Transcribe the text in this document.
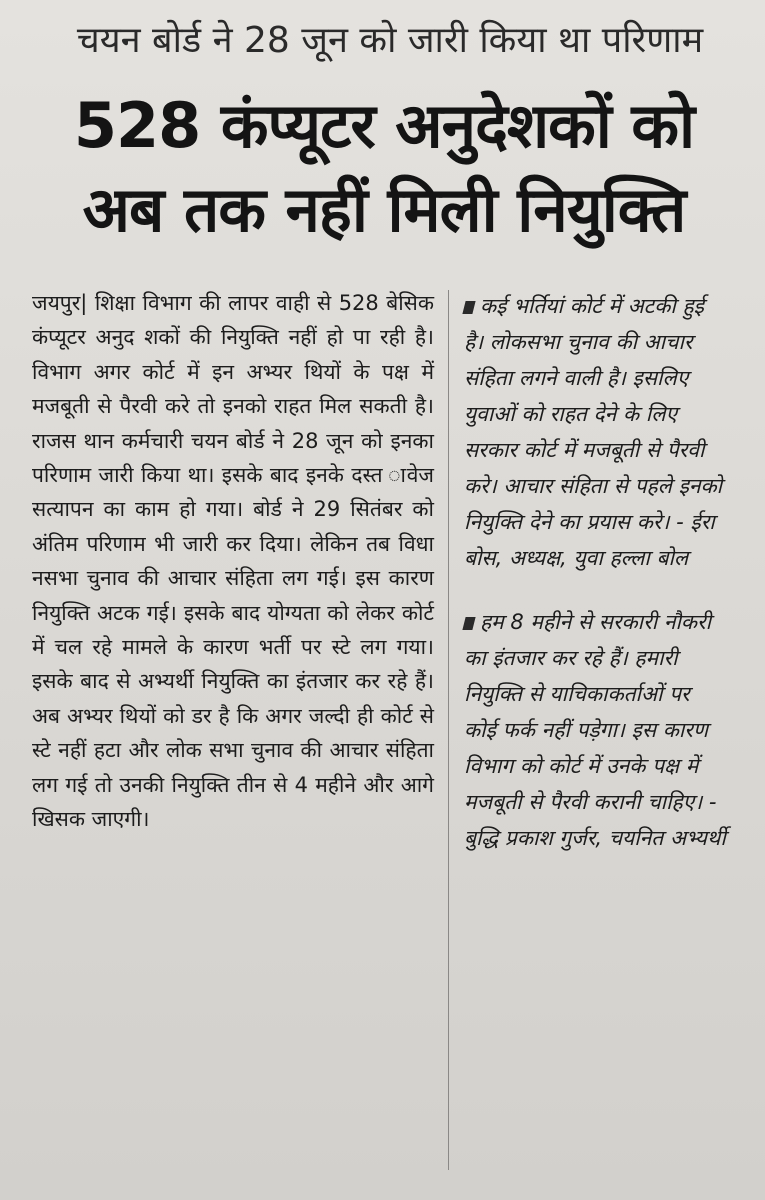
चयन बोर्ड ने 28 जून को जारी किया था परिणाम
528 कंप्यूटर अनुदेशकों को
अब तक नहीं मिली नियुक्ति

जयपुर| शिक्षा विभाग की लापर वाही से 528 बेसिक कंप्यूटर अनुद शकों की नियुक्ति नहीं हो पा रही है। विभाग अगर कोर्ट में इन अभ्यर थियों के पक्ष में मजबूती से पैरवी करे तो इनको राहत मिल सकती है। राजस थान कर्मचारी चयन बोर्ड ने 28 जून को इनका परिणाम जारी किया था। इसके बाद इनके दस्त ावेज सत्यापन का काम हो गया। बोर्ड ने 29 सितंबर को अंतिम परिणाम भी जारी कर दिया। लेकिन तब विधा नसभा चुनाव की आचार संहिता लग गई। इस कारण नियुक्ति अटक गई। इसके बाद योग्यता को लेकर कोर्ट में चल रहे मामले के कारण भर्ती पर स्टे लग गया। इसके बाद से अभ्यर्थी नियुक्ति का इंतजार कर रहे हैं। अब अभ्यर थियों को डर है कि अगर जल्दी ही कोर्ट से स्टे नहीं हटा और लोक सभा चुनाव की आचार संहिता लग गई तो उनकी नियुक्ति तीन से 4 महीने और आगे खिसक जाएगी।

कई भर्तियां कोर्ट में अटकी हुई है। लोकसभा चुनाव की आचार संहिता लगने वाली है। इसलिए युवाओं को राहत देने के लिए सरकार कोर्ट में मजबूती से पैरवी करे। आचार संहिता से पहले इनको नियुक्ति देने का प्रयास करे। - ईरा बोस, अध्यक्ष, युवा हल्ला बोल

हम 8 महीने से सरकारी नौकरी का इंतजार कर रहे हैं। हमारी नियुक्ति से याचिकाकर्ताओं पर कोई फर्क नहीं पड़ेगा। इस कारण विभाग को कोर्ट में उनके पक्ष में मजबूती से पैरवी करानी चाहिए। - बुद्धि प्रकाश गुर्जर, चयनित अभ्यर्थी
